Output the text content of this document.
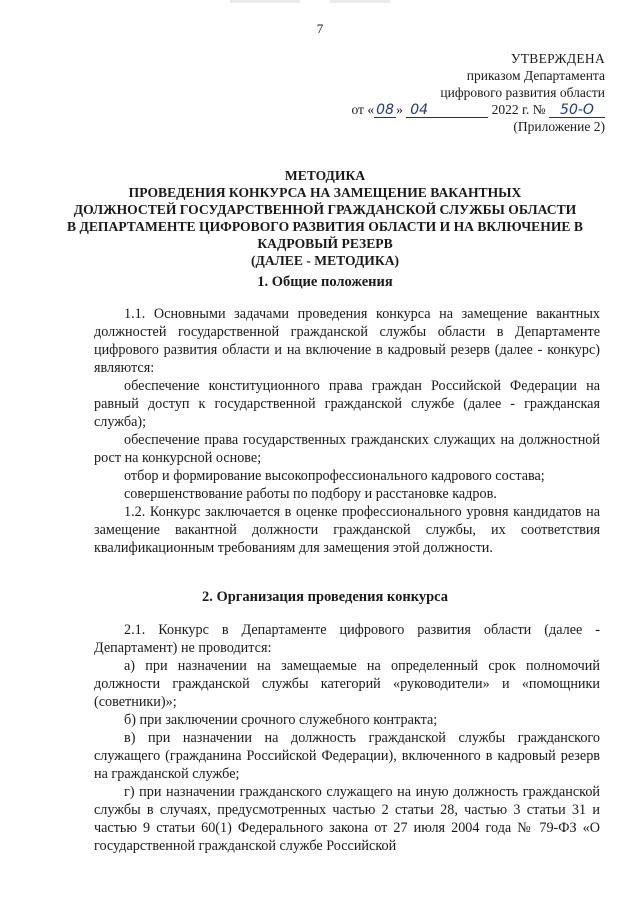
7
УТВЕРЖДЕНА
приказом Департамента
цифрового развития области
от « 08 » 04	2022 г. № 50-О
(Приложение 2)
МЕТОДИКА
ПРОВЕДЕНИЯ КОНКУРСА НА ЗАМЕЩЕНИЕ ВАКАНТНЫХ
ДОЛЖНОСТЕЙ ГОСУДАРСТВЕННОЙ ГРАЖДАНСКОЙ СЛУЖБЫ ОБЛАСТИ
В ДЕПАРТАМЕНТЕ ЦИФРОВОГО РАЗВИТИЯ ОБЛАСТИ И НА ВКЛЮЧЕНИЕ В
КАДРОВЫЙ РЕЗЕРВ
(ДАЛЕЕ - МЕТОДИКА)
1. Общие положения

1.1. Основными задачами проведения конкурса на замещение вакантных должностей государственной гражданской службы области в Департаменте цифрового развития области и на включение в кадровый резерв (далее - конкурс) являются:

обеспечение конституционного права граждан Российской Федерации на равный доступ к государственной гражданской службе (далее - гражданская служба);

обеспечение права государственных гражданских служащих на должностной рост на конкурсной основе;

отбор и формирование высокопрофессионального кадрового состава;

совершенствование работы по подбору и расстановке кадров.

1.2. Конкурс заключается в оценке профессионального уровня кандидатов на замещение вакантной должности гражданской службы, их соответствия квалификационным требованиям для замещения этой должности.

2. Организация проведения конкурса

2.1. Конкурс в Департаменте цифрового развития области (далее - Департамент) не проводится:

а) при назначении на замещаемые на определенный срок полномочий должности гражданской службы категорий «руководители» и «помощники (советники)»;

б) при заключении срочного служебного контракта;

в) при назначении на должность гражданской службы гражданского служащего (гражданина Российской Федерации), включенного в кадровый резерв на гражданской службе;

г) при назначении гражданского служащего на иную должность гражданской службы в случаях, предусмотренных частью 2 статьи 28, частью 3 статьи 31 и частью 9 статьи 60(1) Федерального закона от 27 июля 2004 года № 79-ФЗ «О государственной гражданской службе Российской
